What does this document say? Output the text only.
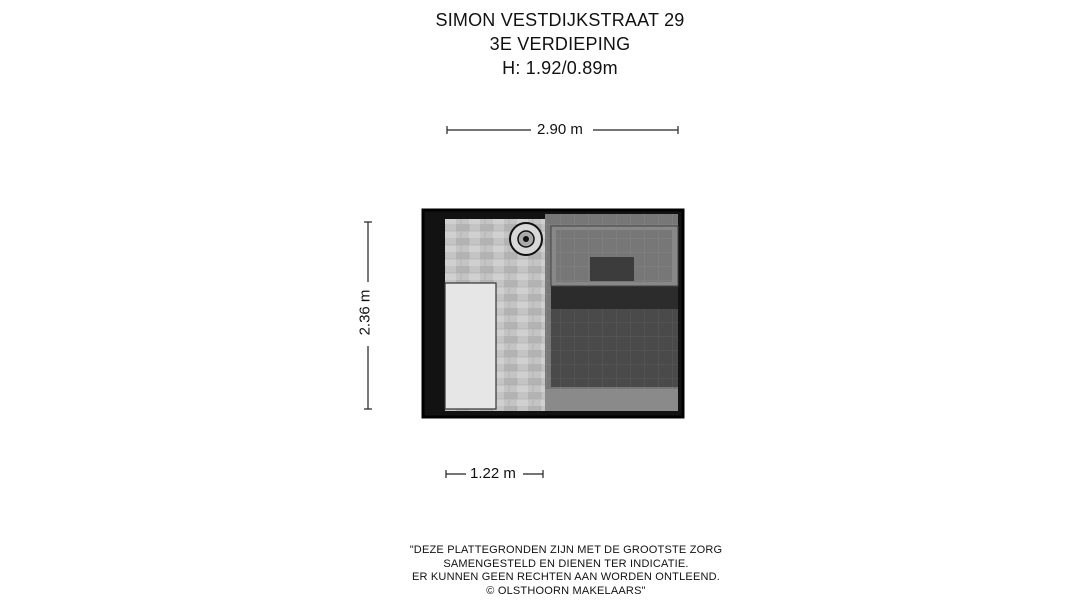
SIMON VESTDIJKSTRAAT 29
3E VERDIEPING
H: 1.92/0.89m
2.90 m
2.36 m
1.22 m
"DEZE PLATTEGRONDEN ZIJN MET DE GROOTSTE ZORG
SAMENGESTELD EN DIENEN TER INDICATIE.
ER KUNNEN GEEN RECHTEN AAN WORDEN ONTLEEND.
© OLSTHOORN MAKELAARS"
